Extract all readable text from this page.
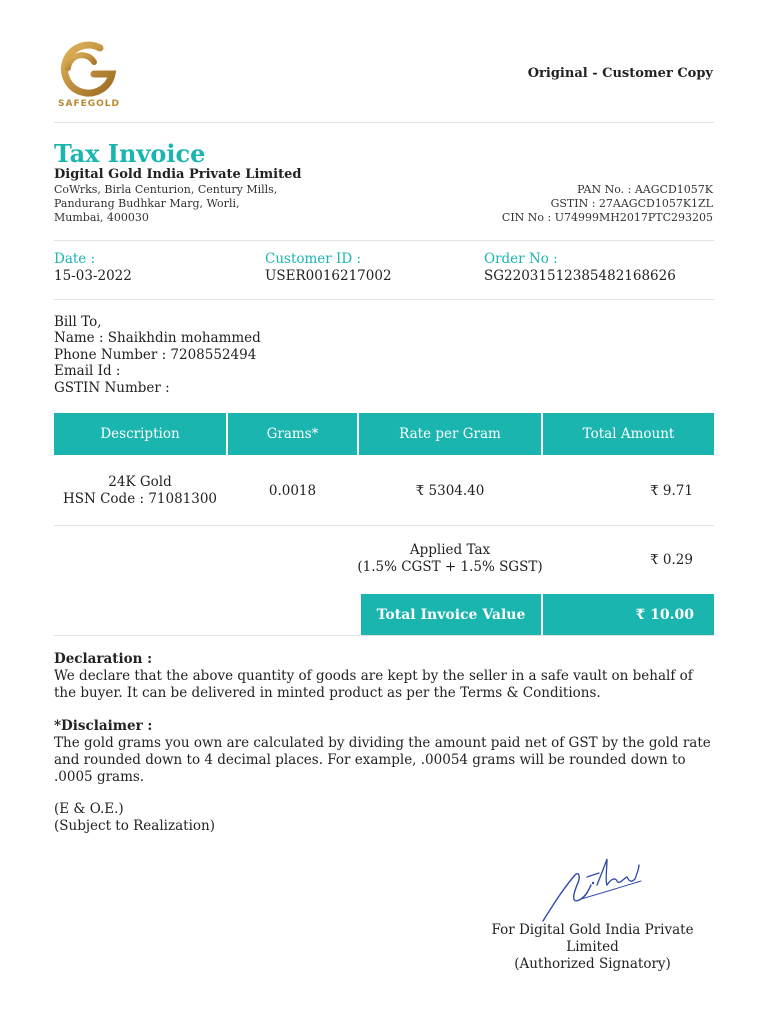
SAFEGOLD
Original - Customer Copy
Tax Invoice
Digital Gold India Private Limited
CoWrks, Birla Centurion, Century Mills,
Pandurang Budhkar Marg, Worli,
Mumbai, 400030
PAN No. : AAGCD1057K
GSTIN : 27AAGCD1057K1ZL
CIN No : U74999MH2017PTC293205
Date :
15-03-2022
Customer ID :
USER0016217002
Order No :
SG22031512385482168626
Bill To,
Name : Shaikhdin mohammed
Phone Number : 7208552494
Email Id :
GSTIN Number :
Description	Grams*	Rate per Gram	Total Amount
24K Gold
HSN Code : 71081300	0.0018	₹ 5304.40	₹ 9.71
Applied Tax
(1.5% CGST + 1.5% SGST)	₹ 0.29
Total Invoice Value	₹ 10.00
Declaration :
We declare that the above quantity of goods are kept by the seller in a safe vault on behalf of the buyer. It can be delivered in minted product as per the Terms & Conditions.
*Disclaimer :
The gold grams you own are calculated by dividing the amount paid net of GST by the gold rate and rounded down to 4 decimal places. For example, .00054 grams will be rounded down to .0005 grams.
(E & O.E.)
(Subject to Realization)
For Digital Gold India Private
Limited
(Authorized Signatory)
